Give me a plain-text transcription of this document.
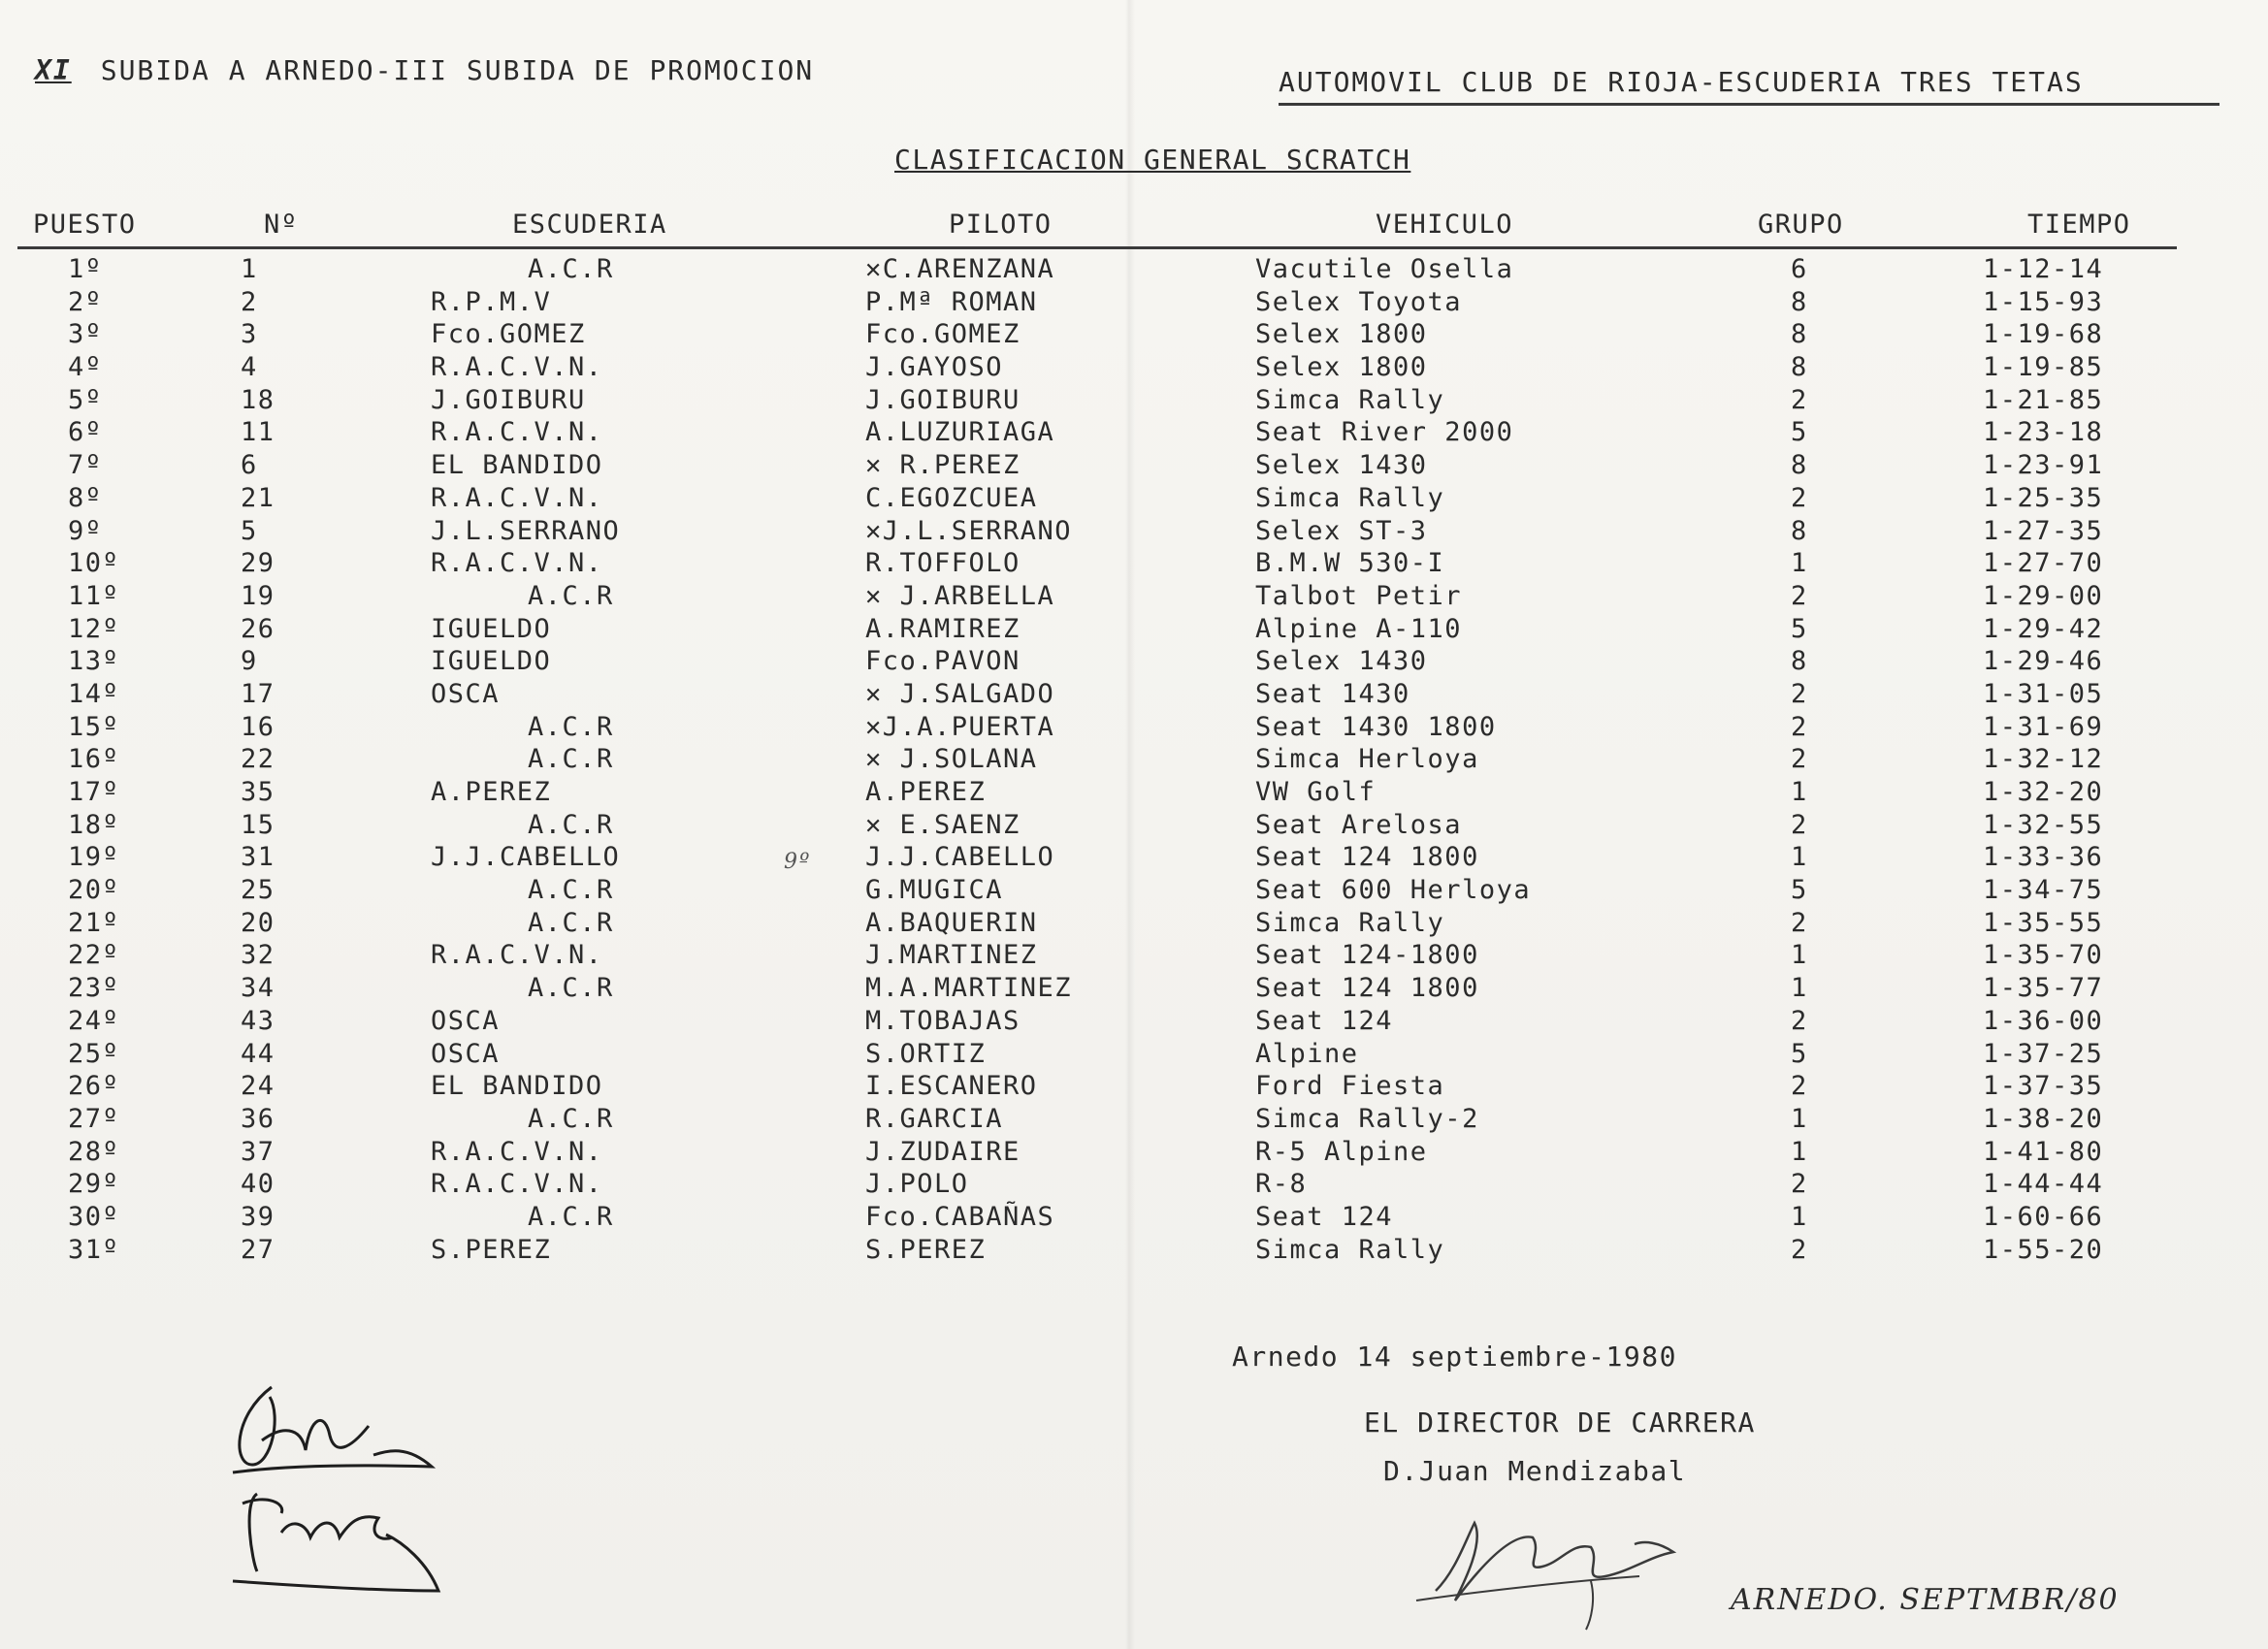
XI SUBIDA A ARNEDO-III SUBIDA DE PROMOCION	AUTOMOVIL CLUB DE RIOJA-ESCUDERIA TRES TETAS
CLASIFICACION GENERAL SCRATCH
PUESTO	Nº	ESCUDERIA	PILOTO	VEHICULO	GRUPO	TIEMPO
1º	1	A.C.R	✕C.ARENZANA	Vacutile Osella	6	1-12-14
2º	2	R.P.M.V	P.Mª ROMAN	Selex Toyota	8	1-15-93
3º	3	Fco.GOMEZ	Fco.GOMEZ	Selex 1800	8	1-19-68
4º	4	R.A.C.V.N.	J.GAYOSO	Selex 1800	8	1-19-85
5º	18	J.GOIBURU	J.GOIBURU	Simca Rally	2	1-21-85
6º	11	R.A.C.V.N.	A.LUZURIAGA	Seat River 2000	5	1-23-18
7º	6	EL BANDIDO	✕ R.PEREZ	Selex 1430	8	1-23-91
8º	21	R.A.C.V.N.	C.EGOZCUEA	Simca Rally	2	1-25-35
9º	5	J.L.SERRANO	✕J.L.SERRANO	Selex ST-3	8	1-27-35
10º	29	R.A.C.V.N.	R.TOFFOLO	B.M.W 530-I	1	1-27-70
11º	19	A.C.R	✕ J.ARBELLA	Talbot Petir	2	1-29-00
12º	26	IGUELDO	A.RAMIREZ	Alpine A-110	5	1-29-42
13º	9	IGUELDO	Fco.PAVON	Selex 1430	8	1-29-46
14º	17	OSCA	✕ J.SALGADO	Seat 1430	2	1-31-05
15º	16	A.C.R	✕J.A.PUERTA	Seat 1430 1800	2	1-31-69
16º	22	A.C.R	✕ J.SOLANA	Simca Herloya	2	1-32-12
17º	35	A.PEREZ	A.PEREZ	VW Golf	1	1-32-20
18º	15	A.C.R	✕ E.SAENZ	Seat Arelosa	2	1-32-55
19º	31	J.J.CABELLO	J.J.CABELLO	Seat 124 1800	1	1-33-36
20º	25	A.C.R	G.MUGICA	Seat 600 Herloya	5	1-34-75
21º	20	A.C.R	A.BAQUERIN	Simca Rally	2	1-35-55
22º	32	R.A.C.V.N.	J.MARTINEZ	Seat 124-1800	1	1-35-70
23º	34	A.C.R	M.A.MARTINEZ	Seat 124 1800	1	1-35-77
24º	43	OSCA	M.TOBAJAS	Seat 124	2	1-36-00
25º	44	OSCA	S.ORTIZ	Alpine	5	1-37-25
26º	24	EL BANDIDO	I.ESCANERO	Ford Fiesta	2	1-37-35
27º	36	A.C.R	R.GARCIA	Simca Rally-2	1	1-38-20
28º	37	R.A.C.V.N.	J.ZUDAIRE	R-5 Alpine	1	1-41-80
29º	40	R.A.C.V.N.	J.POLO	R-8	2	1-44-44
30º	39	A.C.R	Fco.CABAÑAS	Seat 124	1	1-60-66
31º	27	S.PEREZ	S.PEREZ	Simca Rally	2	1-55-20
Arnedo 14 septiembre-1980
EL DIRECTOR DE CARRERA
D.Juan Mendizabal
ARNEDO. SEPTMBR/80
9º
